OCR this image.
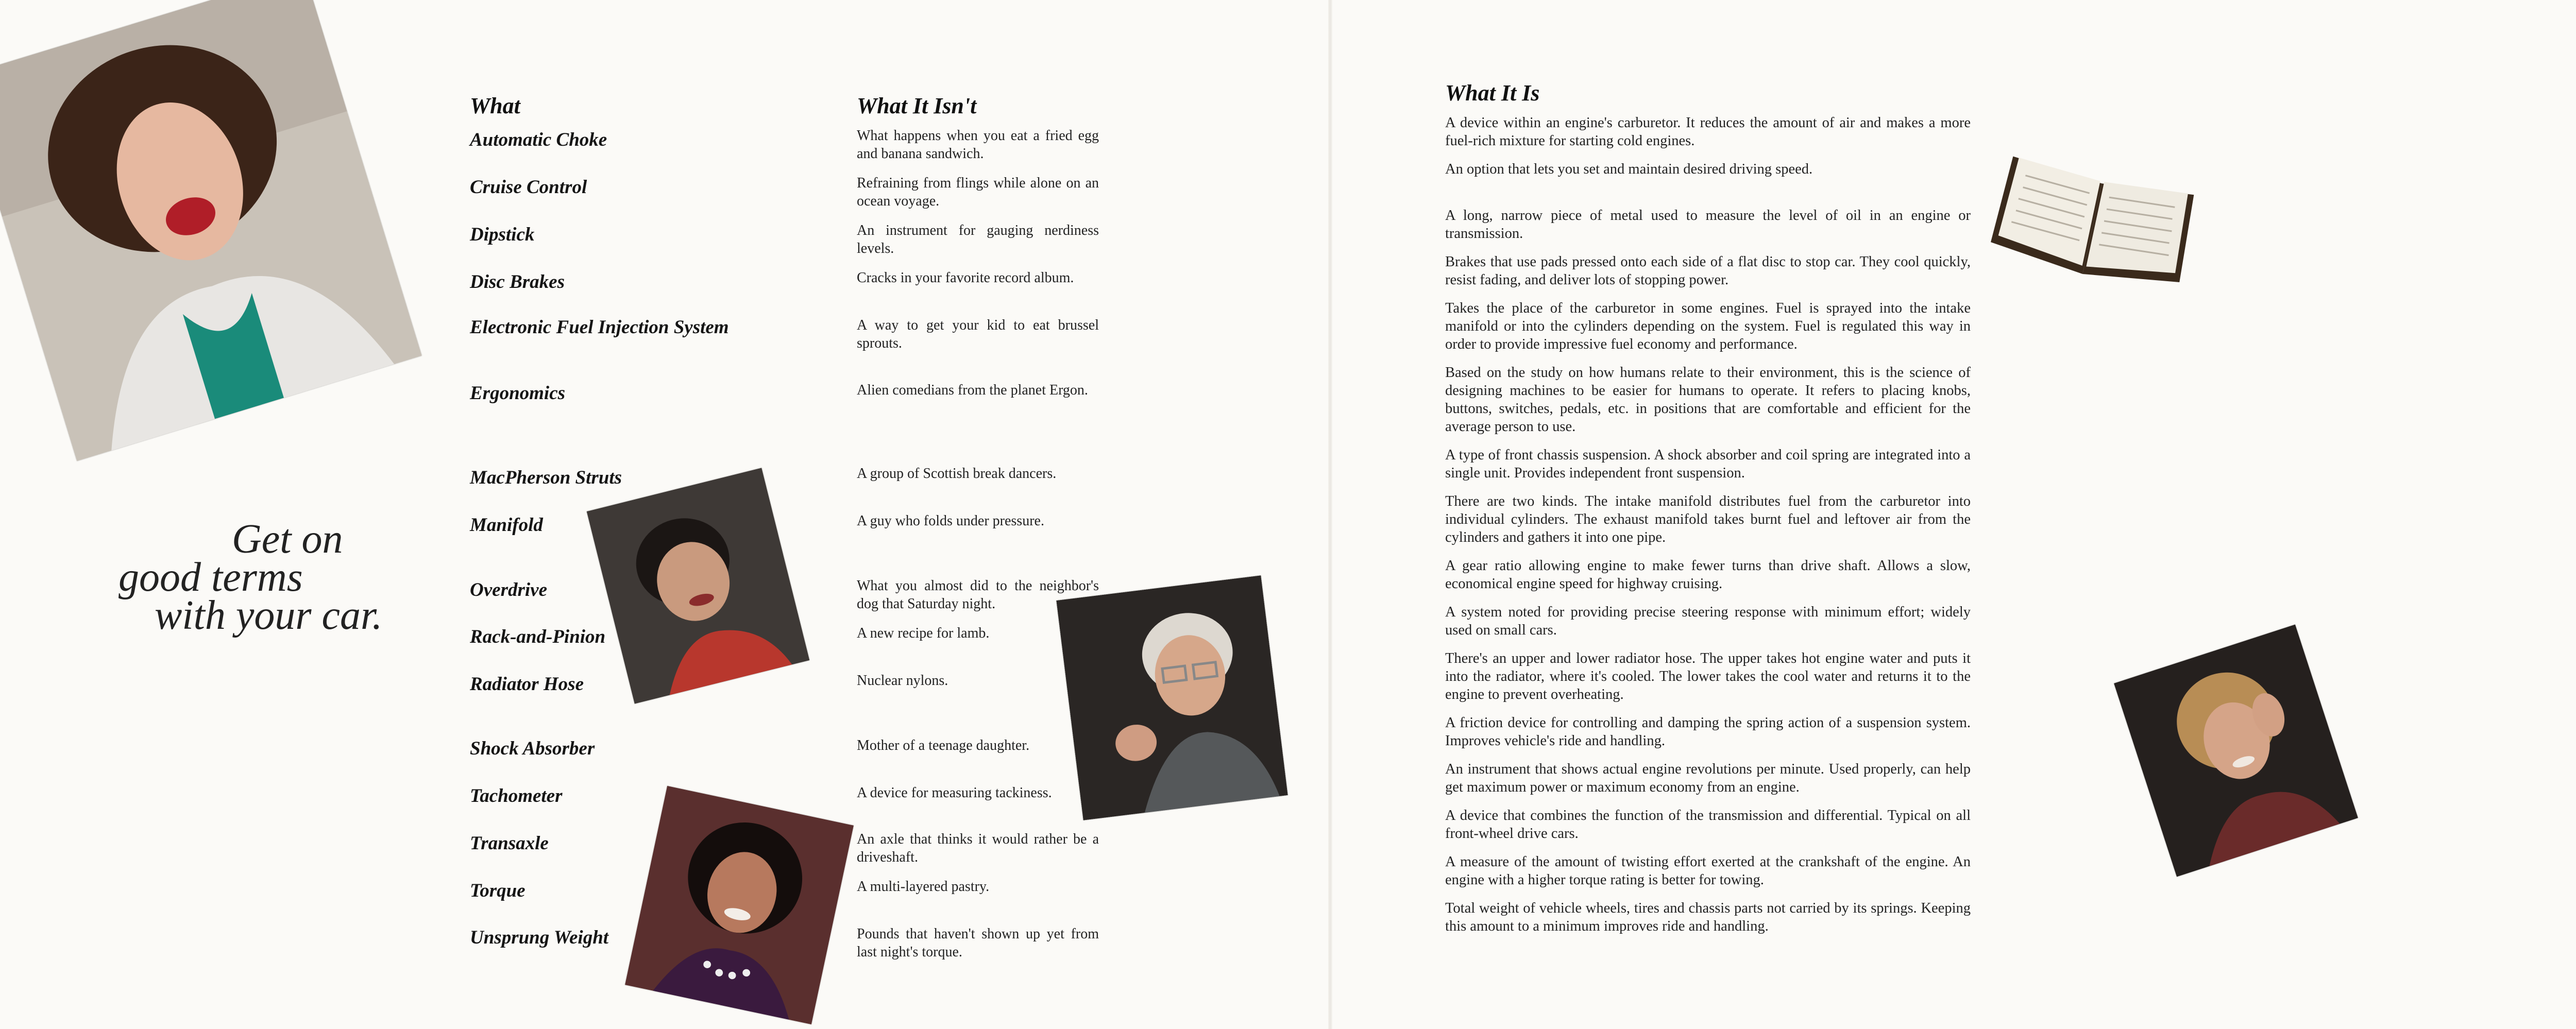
Get on
good terms
with your car.
What	What It Isn't
What It Is
Automatic Choke
Cruise Control
Dipstick
Disc Brakes
Electronic Fuel Injection System
Ergonomics
MacPherson Struts
Manifold
Overdrive
Rack-and-Pinion
Radiator Hose
Shock Absorber
Tachometer
Transaxle
Torque
Unsprung Weight
What happens when you eat a fried egg and banana sandwich.
Refraining from flings while alone on an ocean voyage.
An instrument for gauging nerdiness levels.
Cracks in your favorite record album.
A way to get your kid to eat brussel sprouts.
Alien comedians from the planet Ergon.
A group of Scottish break dancers.
A guy who folds under pressure.
What you almost did to the neighbor's dog that Saturday night.
A new recipe for lamb.
Nuclear nylons.
Mother of a teenage daughter.
A device for measuring tackiness.
An axle that thinks it would rather be a driveshaft.
A multi-layered pastry.
Pounds that haven't shown up yet from last night's torque.
A device within an engine's carburetor. It reduces the amount of air and makes a more fuel-rich mixture for starting cold engines.
An option that lets you set and maintain desired driving speed.
A long, narrow piece of metal used to measure the level of oil in an engine or transmission.
Brakes that use pads pressed onto each side of a flat disc to stop car. They cool quickly, resist fading, and deliver lots of stopping power.
Takes the place of the carburetor in some engines. Fuel is sprayed into the intake manifold or into the cylinders depending on the system. Fuel is regulated this way in order to provide impressive fuel economy and performance.
Based on the study on how humans relate to their environment, this is the science of designing machines to be easier for humans to operate. It refers to placing knobs, buttons, switches, pedals, etc. in positions that are comfortable and efficient for the average person to use.
A type of front chassis suspension. A shock absorber and coil spring are integrated into a single unit. Provides independent front suspension.
There are two kinds. The intake manifold distributes fuel from the carburetor into individual cylinders. The exhaust manifold takes burnt fuel and leftover air from the cylinders and gathers it into one pipe.
A gear ratio allowing engine to make fewer turns than drive shaft. Allows a slow, economical engine speed for highway cruising.
A system noted for providing precise steering response with minimum effort; widely used on small cars.
There's an upper and lower radiator hose. The upper takes hot engine water and puts it into the radiator, where it's cooled. The lower takes the cool water and returns it to the engine to prevent overheating.
A friction device for controlling and damping the spring action of a suspension system. Improves vehicle's ride and handling.
An instrument that shows actual engine revolutions per minute. Used properly, can help get maximum power or maximum economy from an engine.
A device that combines the function of the transmission and differential. Typical on all front-wheel drive cars.
A measure of the amount of twisting effort exerted at the crankshaft of the engine. An engine with a higher torque rating is better for towing.
Total weight of vehicle wheels, tires and chassis parts not carried by its springs. Keeping this amount to a minimum improves ride and handling.
